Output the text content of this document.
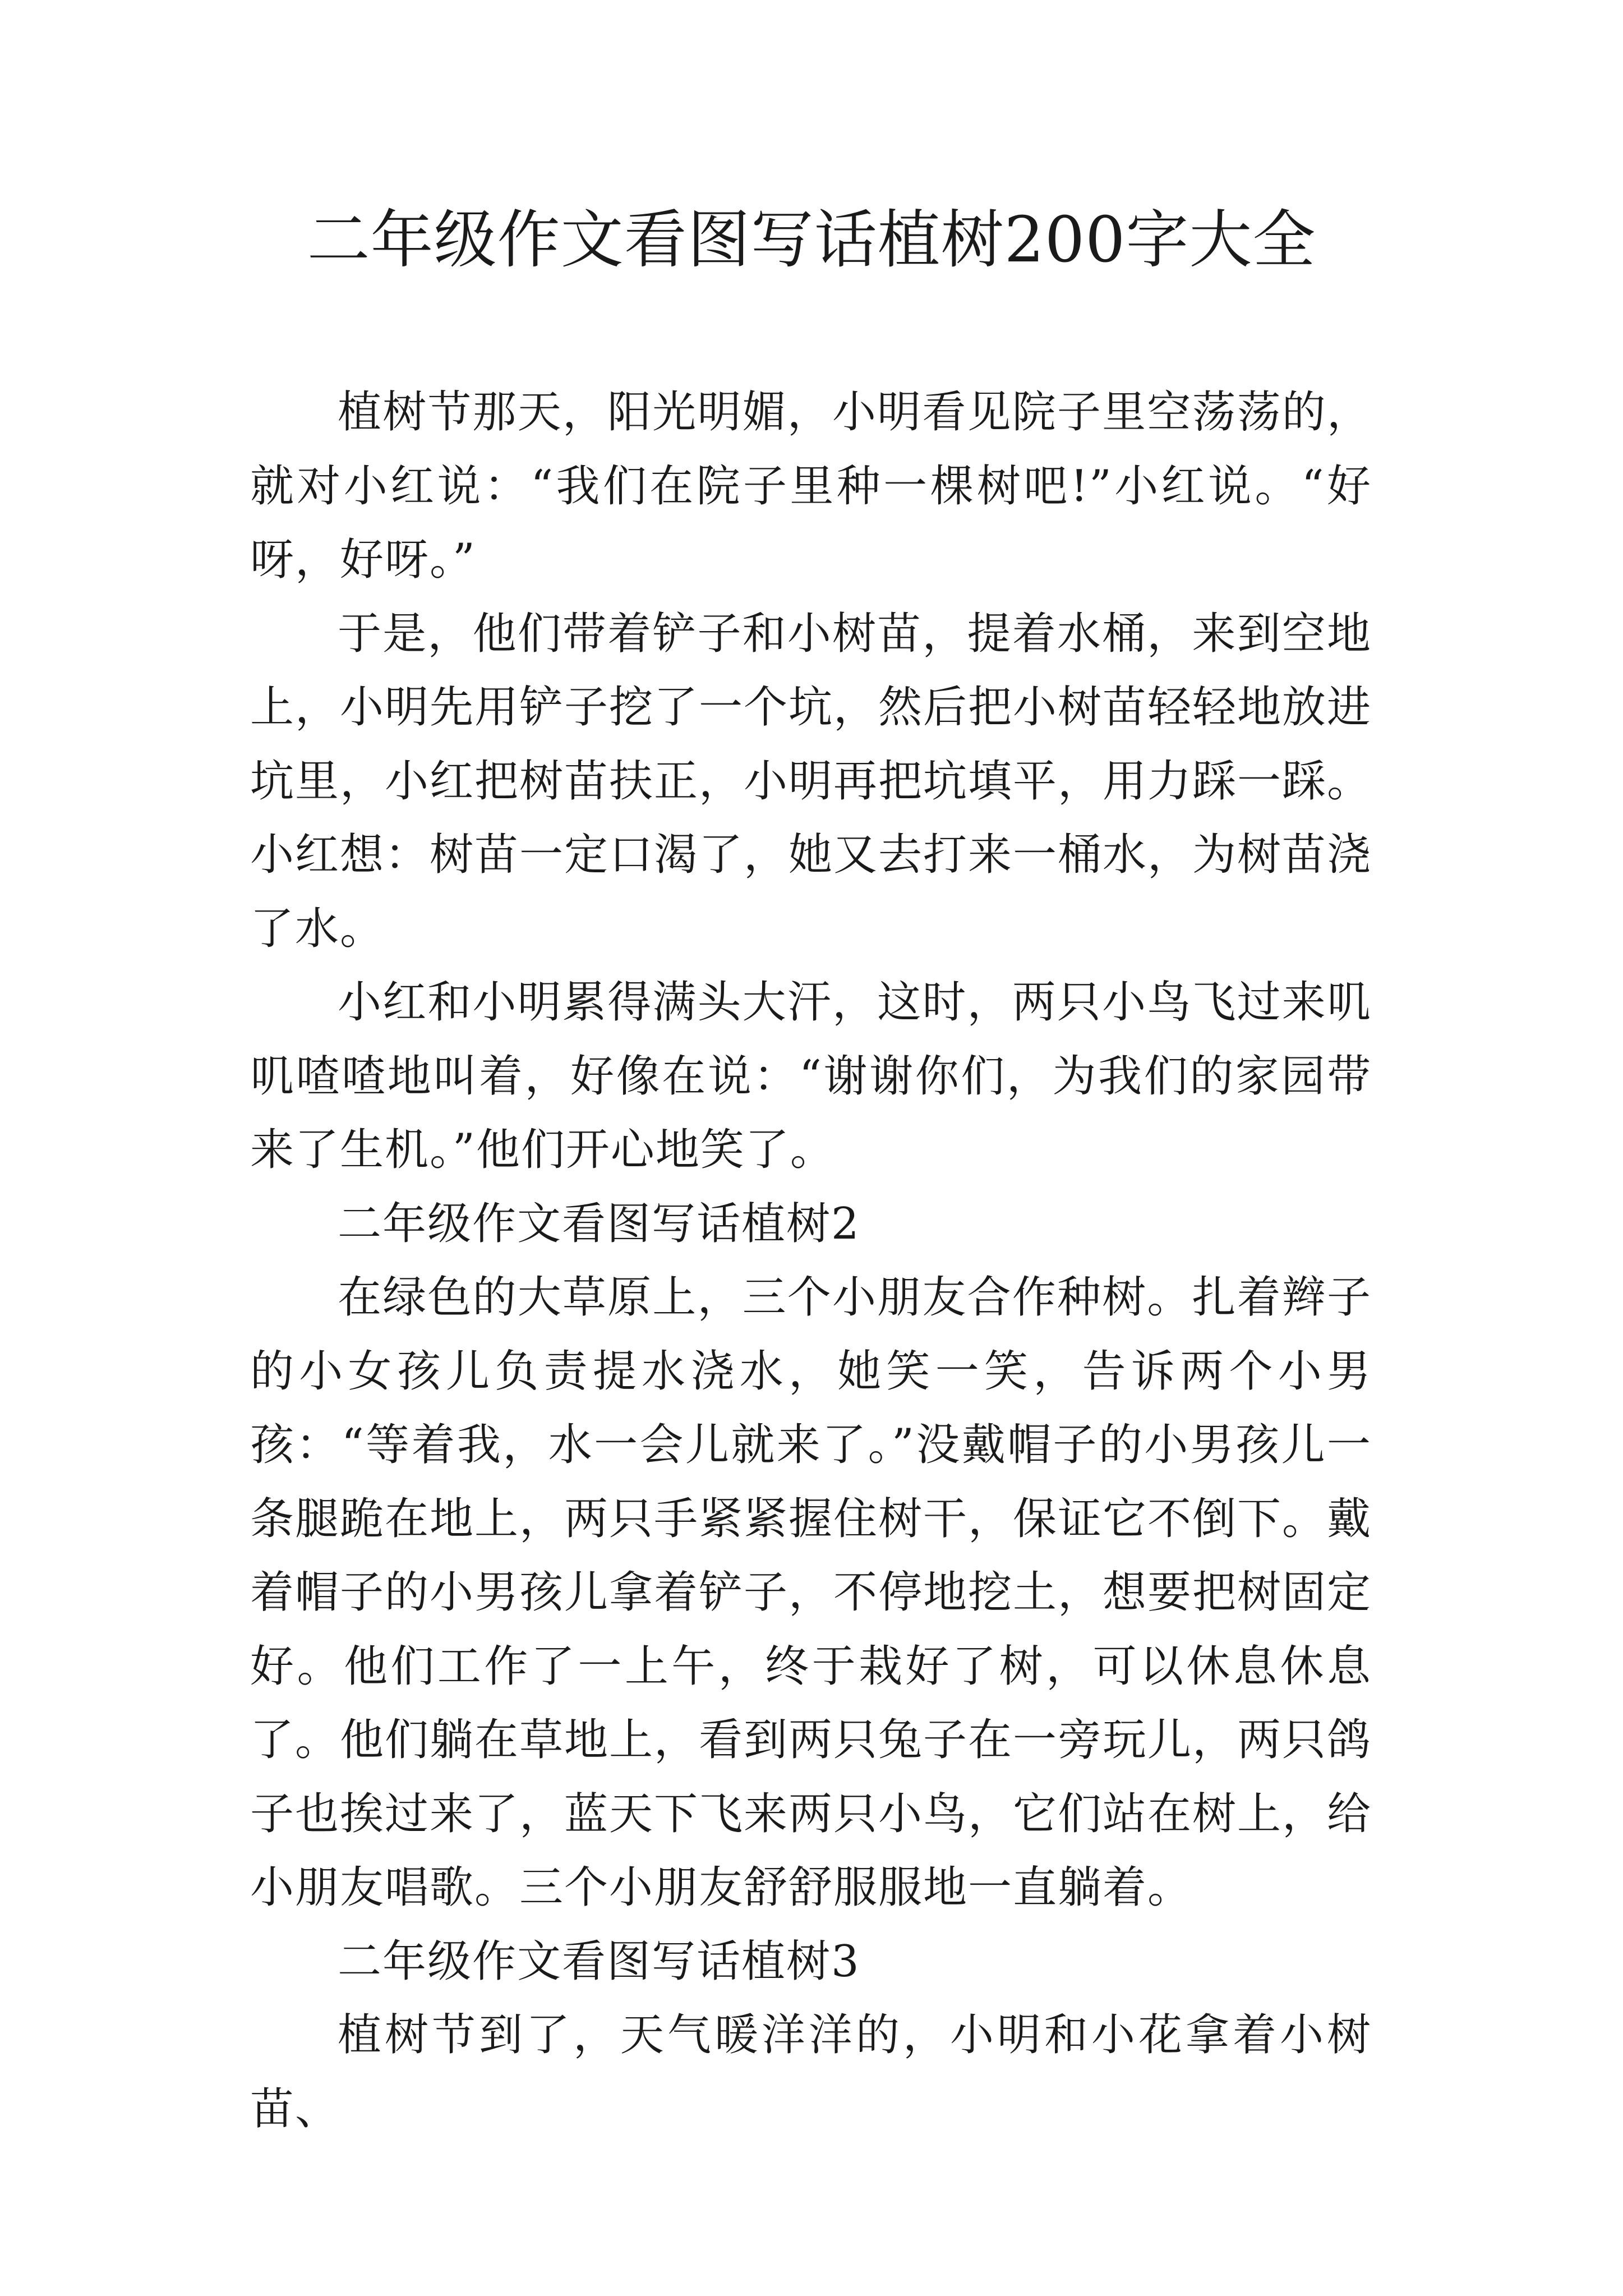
二年级作文看图写话植树200字大全

植树节那天，阳光明媚，小明看见院子里空荡荡的，就对小红说：“我们在院子里种一棵树吧!”小红说。“好呀，好呀。”

于是，他们带着铲子和小树苗，提着水桶，来到空地上，小明先用铲子挖了一个坑，然后把小树苗轻轻地放进坑里，小红把树苗扶正，小明再把坑填平，用力踩一踩。小红想：树苗一定口渴了，她又去打来一桶水，为树苗浇了水。

小红和小明累得满头大汗，这时，两只小鸟飞过来叽叽喳喳地叫着，好像在说：“谢谢你们，为我们的家园带来了生机。”他们开心地笑了。

二年级作文看图写话植树2

在绿色的大草原上，三个小朋友合作种树。扎着辫子的小女孩儿负责提水浇水，她笑一笑，告诉两个小男孩：“等着我，水一会儿就来了。”没戴帽子的小男孩儿一条腿跪在地上，两只手紧紧握住树干，保证它不倒下。戴着帽子的小男孩儿拿着铲子，不停地挖土，想要把树固定好。他们工作了一上午，终于栽好了树，可以休息休息了。他们躺在草地上，看到两只兔子在一旁玩儿，两只鸽子也挨过来了，蓝天下飞来两只小鸟，它们站在树上，给小朋友唱歌。三个小朋友舒舒服服地一直躺着。

二年级作文看图写话植树3

植树节到了，天气暖洋洋的，小明和小花拿着小树苗、
